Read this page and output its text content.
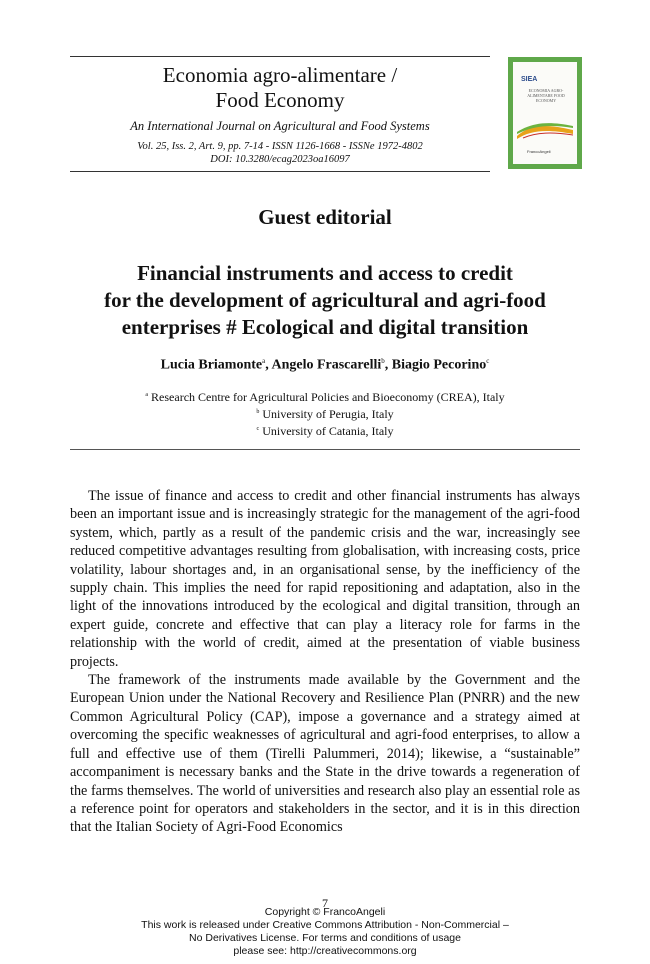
Economia agro-alimentare /
Food Economy
An International Journal on Agricultural and Food Systems
Vol. 25, Iss. 2, Art. 9, pp. 7-14 - ISSN 1126-1668 - ISSNe 1972-4802
DOI: 10.3280/ecag2023oa16097
SIEA
ECONOMIA AGRO-ALIMENTARE FOOD ECONOMY
FrancoAngeli
Guest editorial
Financial instruments and access to credit
for the development of agricultural and agri-food
enterprises # Ecological and digital transition
Lucia Briamonte$^a$, Angelo Frascarelli$^b$, Biagio Pecorino$^c$
$^a$ Research Centre for Agricultural Policies and Bioeconomy (CREA), Italy
$^b$ University of Perugia, Italy
$^c$ University of Catania, Italy

The issue of finance and access to credit and other financial instruments has always been an important issue and is increasingly strategic for the management of the agri-food system, which, partly as a result of the pandemic crisis and the war, increasingly see reduced competitive advantages resulting from globalisation, with increasing costs, price volatility, labour shortages and, in an organisational sense, by the inefficiency of the supply chain. This implies the need for rapid repositioning and adaptation, also in the light of the innovations introduced by the ecological and digital transition, through an expert guide, concrete and effective that can play a literacy role for farms in the relationship with the world of credit, aimed at the presentation of viable business projects.

The framework of the instruments made available by the Government and the European Union under the National Recovery and Resilience Plan (PNRR) and the new Common Agricultural Policy (CAP), impose a governance and a strategy aimed at overcoming the specific weaknesses of agricultural and agri-food enterprises, to allow a full and effective use of them (Tirelli Palummeri, 2014); likewise, a “sustainable” accompaniment is necessary banks and the State in the drive towards a regeneration of the farms themselves. The world of universities and research also play an essential role as a reference point for operators and stakeholders in the sector, and it is in this direction that the Italian Society of Agri-Food Economics

7
Copyright © FrancoAngeli
This work is released under Creative Commons Attribution - Non-Commercial –
No Derivatives License. For terms and conditions of usage
please see: http://creativecommons.org
